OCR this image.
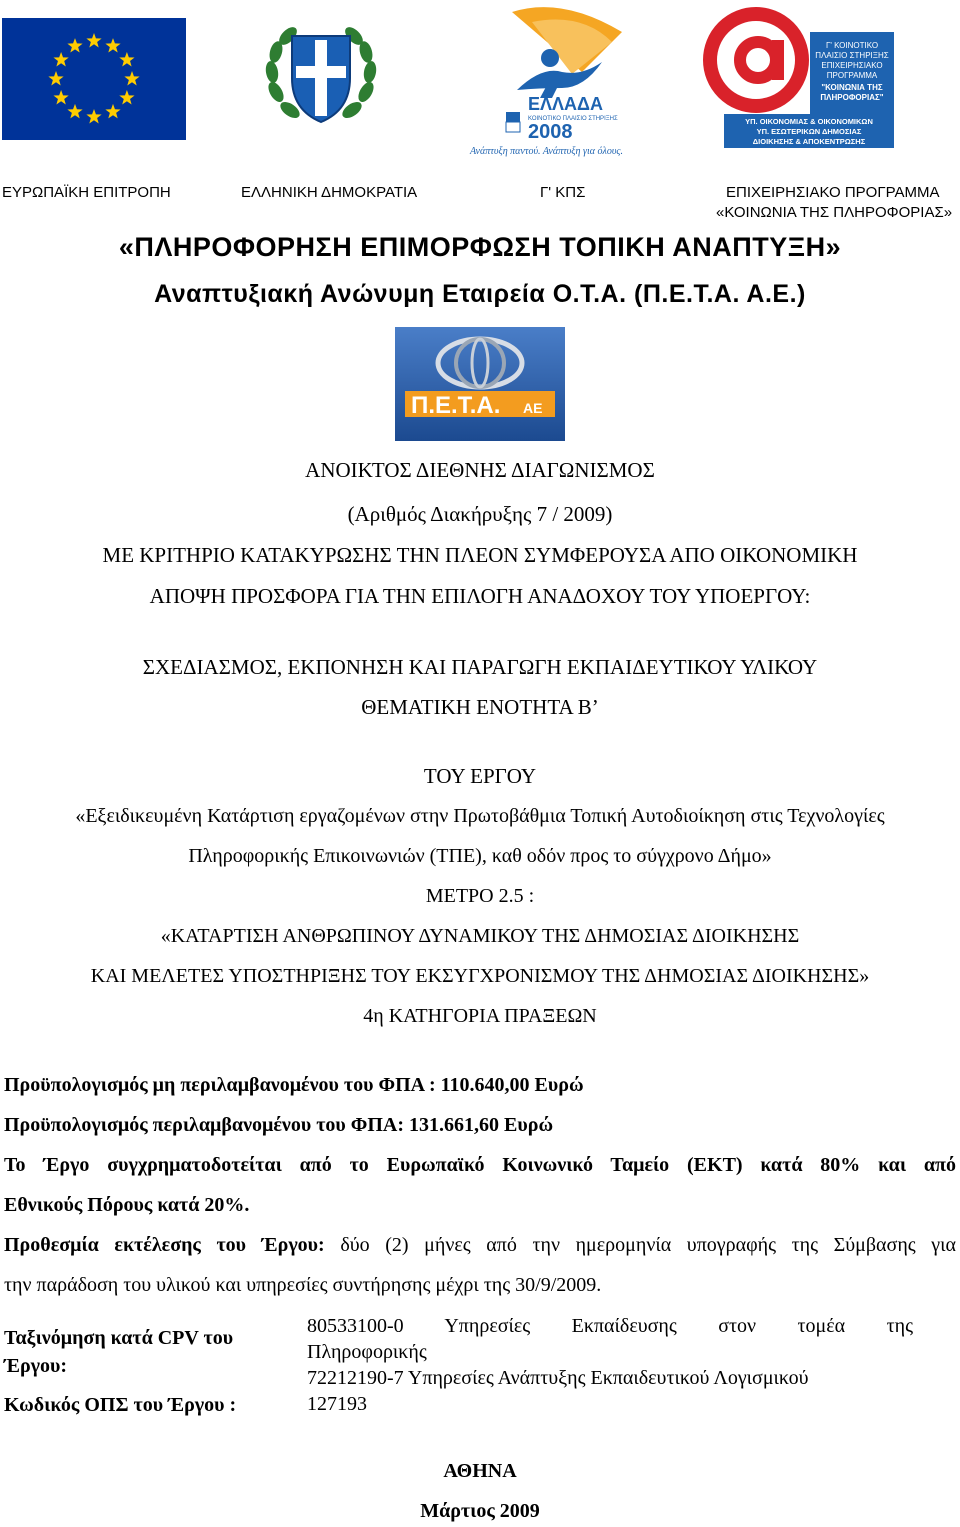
ΕΛΛΑΔΑ
ΚΟΙΝΟΤΙΚΟ ΠΛΑΙΣΙΟ ΣΤΗΡΙΞΗΣ
2008
Ανάπτυξη παντού. Ανάπτυξη για όλους.
Γ' ΚΟΙΝΟΤΙΚΟ
ΠΛΑΙΣΙΟ ΣΤΗΡΙΞΗΣ
ΕΠΙΧΕΙΡΗΣΙΑΚΟ
ΠΡΟΓΡΑΜΜΑ
"ΚΟΙΝΩΝΙΑ ΤΗΣ
ΠΛΗΡΟΦΟΡΙΑΣ"
ΥΠ. ΟΙΚΟΝΟΜΙΑΣ & ΟΙΚΟΝΟΜΙΚΩΝ
ΥΠ. ΕΣΩΤΕΡΙΚΩΝ ΔΗΜΟΣΙΑΣ
ΔΙΟΙΚΗΣΗΣ & ΑΠΟΚΕΝΤΡΩΣΗΣ
ΕΥΡΩΠΑΪΚΗ ΕΠΙΤΡΟΠΗ	ΕΛΛΗΝΙΚΗ ΔΗΜΟΚΡΑΤΙΑ	Γ' ΚΠΣ	ΕΠΙΧΕΙΡΗΣΙΑΚΟ ΠΡΟΓΡΑΜΜΑ
«ΚΟΙΝΩΝΙΑ ΤΗΣ ΠΛΗΡΟΦΟΡΙΑΣ»
«ΠΛΗΡΟΦΟΡΗΣΗ ΕΠΙΜΟΡΦΩΣΗ ΤΟΠΙΚΗ ΑΝΑΠΤΥΞΗ»
Αναπτυξιακή Ανώνυμη Εταιρεία Ο.Τ.Α. (Π.Ε.Τ.Α. Α.Ε.)
Π.Ε.Τ.Α. ΑΕ
ΑΝΟΙΚΤΟΣ ΔΙΕΘΝΗΣ ΔΙΑΓΩΝΙΣΜΟΣ
(Αριθμός Διακήρυξης 7 / 2009)
ΜΕ ΚΡΙΤΗΡΙΟ ΚΑΤΑΚΥΡΩΣΗΣ ΤΗΝ ΠΛΕΟΝ ΣΥΜΦΕΡΟΥΣΑ ΑΠΟ ΟΙΚΟΝΟΜΙΚΗ
ΑΠΟΨΗ ΠΡΟΣΦΟΡΑ ΓΙΑ ΤΗΝ ΕΠΙΛΟΓΗ ΑΝΑΔΟΧΟΥ ΤΟΥ ΥΠΟΕΡΓΟΥ:
ΣΧΕΔΙΑΣΜΟΣ, ΕΚΠΟΝΗΣΗ ΚΑΙ ΠΑΡΑΓΩΓΗ ΕΚΠΑΙΔΕΥΤΙΚΟΥ ΥΛΙΚΟΥ
ΘΕΜΑΤΙΚΗ ΕΝΟΤΗΤΑ Β’
ΤΟΥ ΕΡΓΟΥ
«Εξειδικευμένη Κατάρτιση εργαζομένων στην Πρωτοβάθμια Τοπική Αυτοδιοίκηση στις Τεχνολογίες
Πληροφορικής Επικοινωνιών (ΤΠΕ), καθ οδόν προς το σύγχρονο Δήμο»
ΜΕΤΡΟ 2.5 :
«ΚΑΤΑΡΤΙΣΗ ΑΝΘΡΩΠΙΝΟΥ ΔΥΝΑΜΙΚΟΥ ΤΗΣ ΔΗΜΟΣΙΑΣ ΔΙΟΙΚΗΣΗΣ
ΚΑΙ ΜΕΛΕΤΕΣ ΥΠΟΣΤΗΡΙΞΗΣ ΤΟΥ ΕΚΣΥΓΧΡΟΝΙΣΜΟΥ ΤΗΣ ΔΗΜΟΣΙΑΣ ΔΙΟΙΚΗΣΗΣ»
4η ΚΑΤΗΓΟΡΙΑ ΠΡΑΞΕΩΝ
Προϋπολογισμός μη περιλαμβανομένου του ΦΠΑ : 110.640,00 Ευρώ
Προϋπολογισμός περιλαμβανομένου του ΦΠΑ: 131.661,60 Ευρώ
Το Έργο συγχρηματοδοτείται από το Ευρωπαϊκό Κοινωνικό Ταμείο (ΕΚΤ) κατά 80% και από
Εθνικούς Πόρους κατά 20%.
Προθεσμία εκτέλεσης του Έργου: δύο (2) μήνες από την ημερομηνία υπογραφής της Σύμβασης για
την παράδοση του υλικού και υπηρεσίες συντήρησης μέχρι της 30/9/2009.
Ταξινόμηση κατά CPV του
Έργου:
80533100-0 Υπηρεσίες Εκπαίδευσης στον τομέα της
Πληροφορικής
72212190-7 Υπηρεσίες Ανάπτυξης Εκπαιδευτικού Λογισμικού
Κωδικός ΟΠΣ του Έργου :	127193
ΑΘΗΝΑ
Μάρτιος 2009
